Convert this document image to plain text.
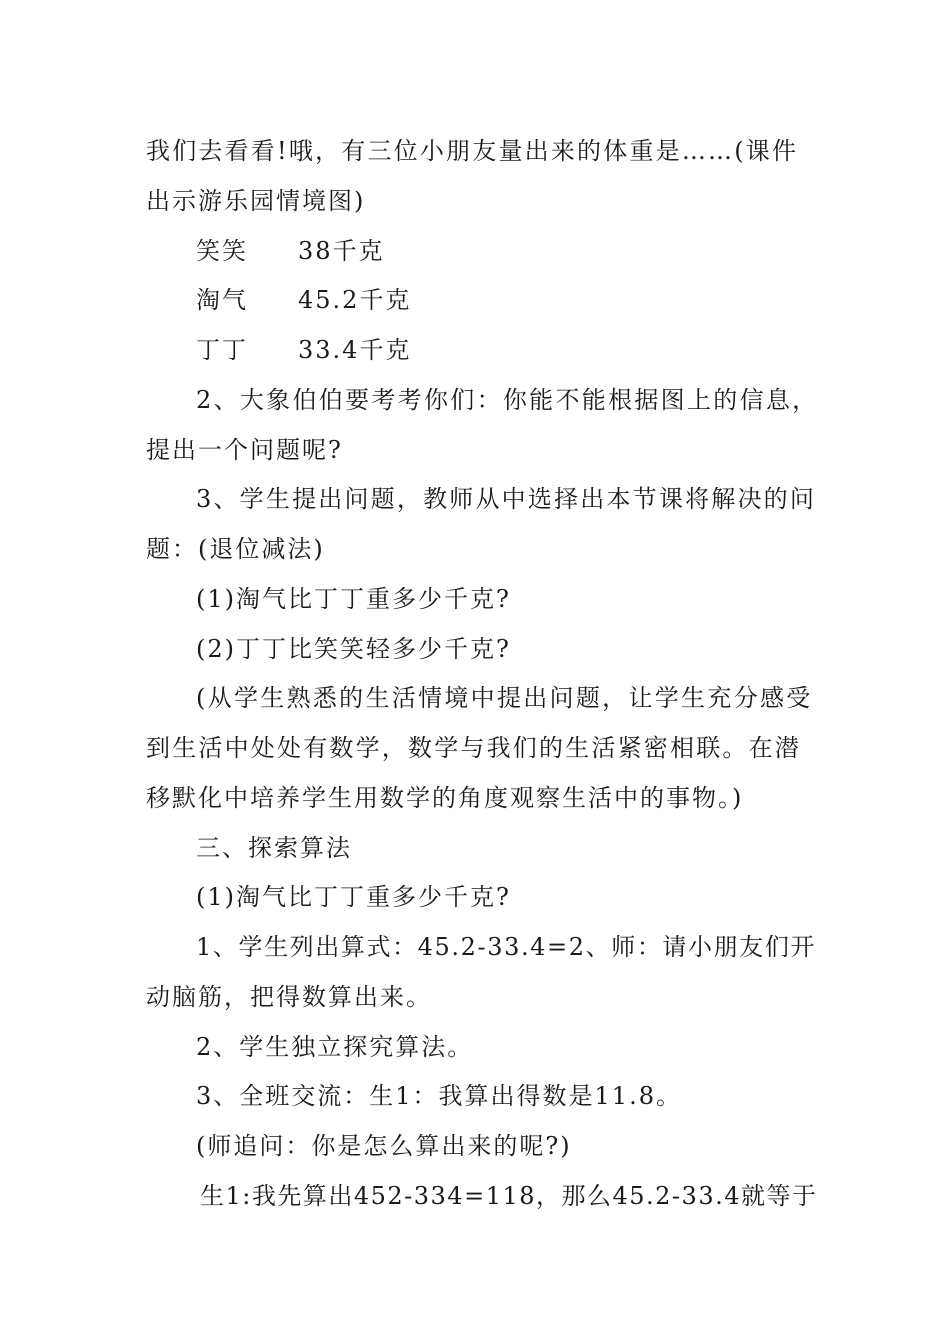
我们去看看!哦，有三位小朋友量出来的体重是……(课件
出示游乐园情境图)
笑笑 38千克
淘气 45.2千克
丁丁 33.4千克
2、大象伯伯要考考你们：你能不能根据图上的信息，
提出一个问题呢?
3、学生提出问题，教师从中选择出本节课将解决的问
题：(退位减法)
(1)淘气比丁丁重多少千克?
(2)丁丁比笑笑轻多少千克?
(从学生熟悉的生活情境中提出问题，让学生充分感受
到生活中处处有数学，数学与我们的生活紧密相联。在潜
移默化中培养学生用数学的角度观察生活中的事物。)
三、探索算法
(1)淘气比丁丁重多少千克?
1、学生列出算式：45.2-33.4=2、师：请小朋友们开
动脑筋，把得数算出来。
2、学生独立探究算法。
3、全班交流：生1：我算出得数是11.8。
(师追问：你是怎么算出来的呢?)
生1:我先算出452-334=118，那么45.2-33.4就等于
